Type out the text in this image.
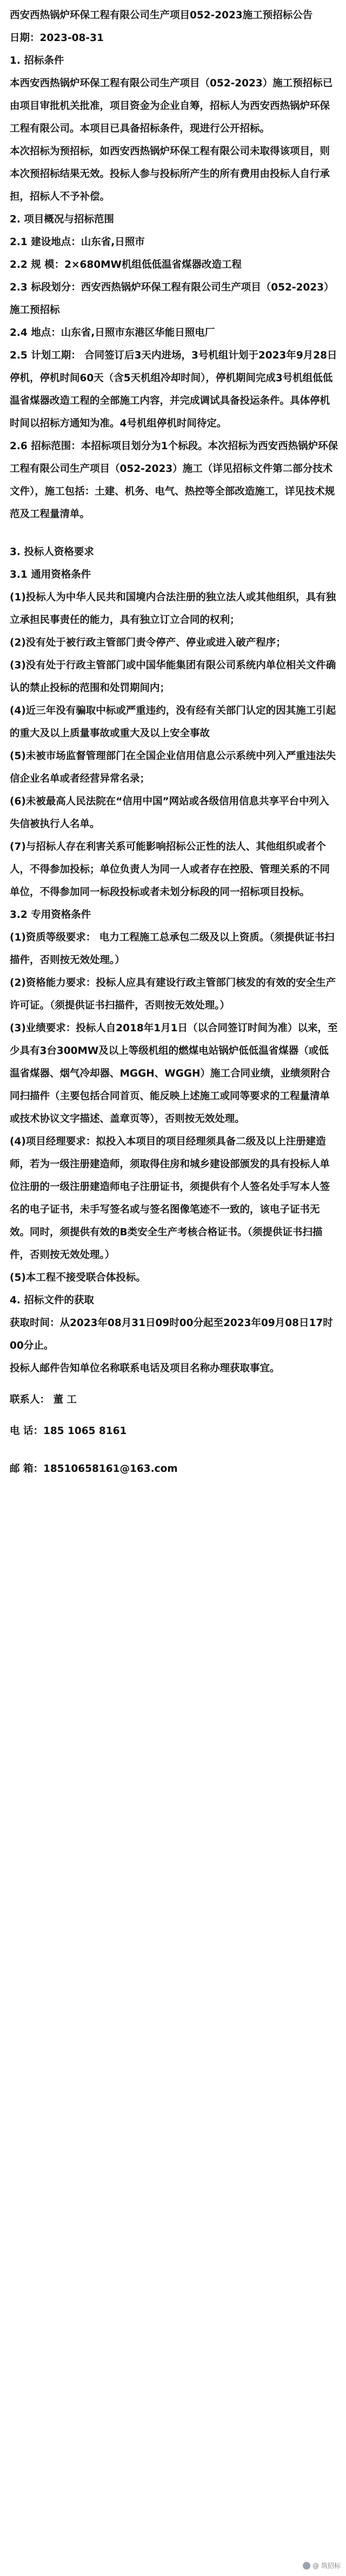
西安西热锅炉环保工程有限公司生产项目052-2023施工预招标公告

日期：2023-08-31

1. 招标条件

本西安西热锅炉环保工程有限公司生产项目（052-2023）施工预招标已由项目审批机关批准，项目资金为企业自筹，招标人为西安西热锅炉环保工程有限公司。本项目已具备招标条件，现进行公开招标。

本次招标为预招标，如西安西热锅炉环保工程有限公司未取得该项目，则本次预招标结果无效。投标人参与投标所产生的所有费用由投标人自行承担，招标人不予补偿。

2. 项目概况与招标范围

2.1 建设地点：山东省,日照市

2.2 规 模：2×680MW机组低低温省煤器改造工程

2.3 标段划分：西安西热锅炉环保工程有限公司生产项目（052-2023）施工预招标

2.4 地点：山东省,日照市东港区华能日照电厂

2.5 计划工期： 合同签订后3天内进场，3号机组计划于2023年9月28日停机，停机时间60天（含5天机组冷却时间），停机期间完成3号机组低低温省煤器改造工程的全部施工内容，并完成调试具备投运条件。具体停机时间以招标方通知为准。4号机组停机时间待定。

2.6 招标范围：本招标项目划分为1个标段。本次招标为西安西热锅炉环保工程有限公司生产项目（052-2023）施工（详见招标文件第二部分技术文件），施工包括：土建、机务、电气、热控等全部改造施工，详见技术规范及工程量清单。

3. 投标人资格要求

3.1 通用资格条件

(1)投标人为中华人民共和国境内合法注册的独立法人或其他组织，具有独立承担民事责任的能力，具有独立订立合同的权利；

(2)没有处于被行政主管部门责令停产、停业或进入破产程序；

(3)没有处于行政主管部门或中国华能集团有限公司系统内单位相关文件确认的禁止投标的范围和处罚期间内；

(4)近三年没有骗取中标或严重违约，没有经有关部门认定的因其施工引起的重大及以上质量事故或重大及以上安全事故

(5)未被市场监督管理部门在全国企业信用信息公示系统中列入严重违法失信企业名单或者经营异常名录；

(6)未被最高人民法院在“信用中国”网站或各级信用信息共享平台中列入失信被执行人名单。

(7)与招标人存在利害关系可能影响招标公正性的法人、其他组织或者个人，不得参加投标；单位负责人为同一人或者存在控股、管理关系的不同单位，不得参加同一标段投标或者未划分标段的同一招标项目投标。

3.2 专用资格条件

(1)资质等级要求： 电力工程施工总承包二级及以上资质。（须提供证书扫描件，否则按无效处理。）

(2)资格能力要求：投标人应具有建设行政主管部门核发的有效的安全生产许可证。（须提供证书扫描件，否则按无效处理。）

(3)业绩要求：投标人自2018年1月1日（以合同签订时间为准）以来，至少具有3台300MW及以上等级机组的燃煤电站锅炉低低温省煤器（或低温省煤器、烟气冷却器、MGGH、WGGH）施工合同业绩，业绩须附合同扫描件（主要包括合同首页、能反映上述施工或同等要求的工程量清单或技术协议文字描述、盖章页等），否则按无效处理。

(4)项目经理要求：拟投入本项目的项目经理须具备二级及以上注册建造师，若为一级注册建造师，须取得住房和城乡建设部颁发的具有投标人单位注册的一级注册建造师电子注册证书，须提供有个人签名处手写本人签名的电子证书，未手写签名或与签名图像笔迹不一致的，该电子证书无效。同时，须提供有效的B类安全生产考核合格证书。（须提供证书扫描件，否则按无效处理。）

(5)本工程不接受联合体投标。

4. 招标文件的获取

获取时间：从2023年08月31日09时00分起至2023年09月08日17时00分止。

投标人邮件告知单位名称联系电话及项目名称办理获取事宜。

联系人： 董 工

电 话：185 1065 8161

邮 箱：18510658161@163.com

@ 筑招标
